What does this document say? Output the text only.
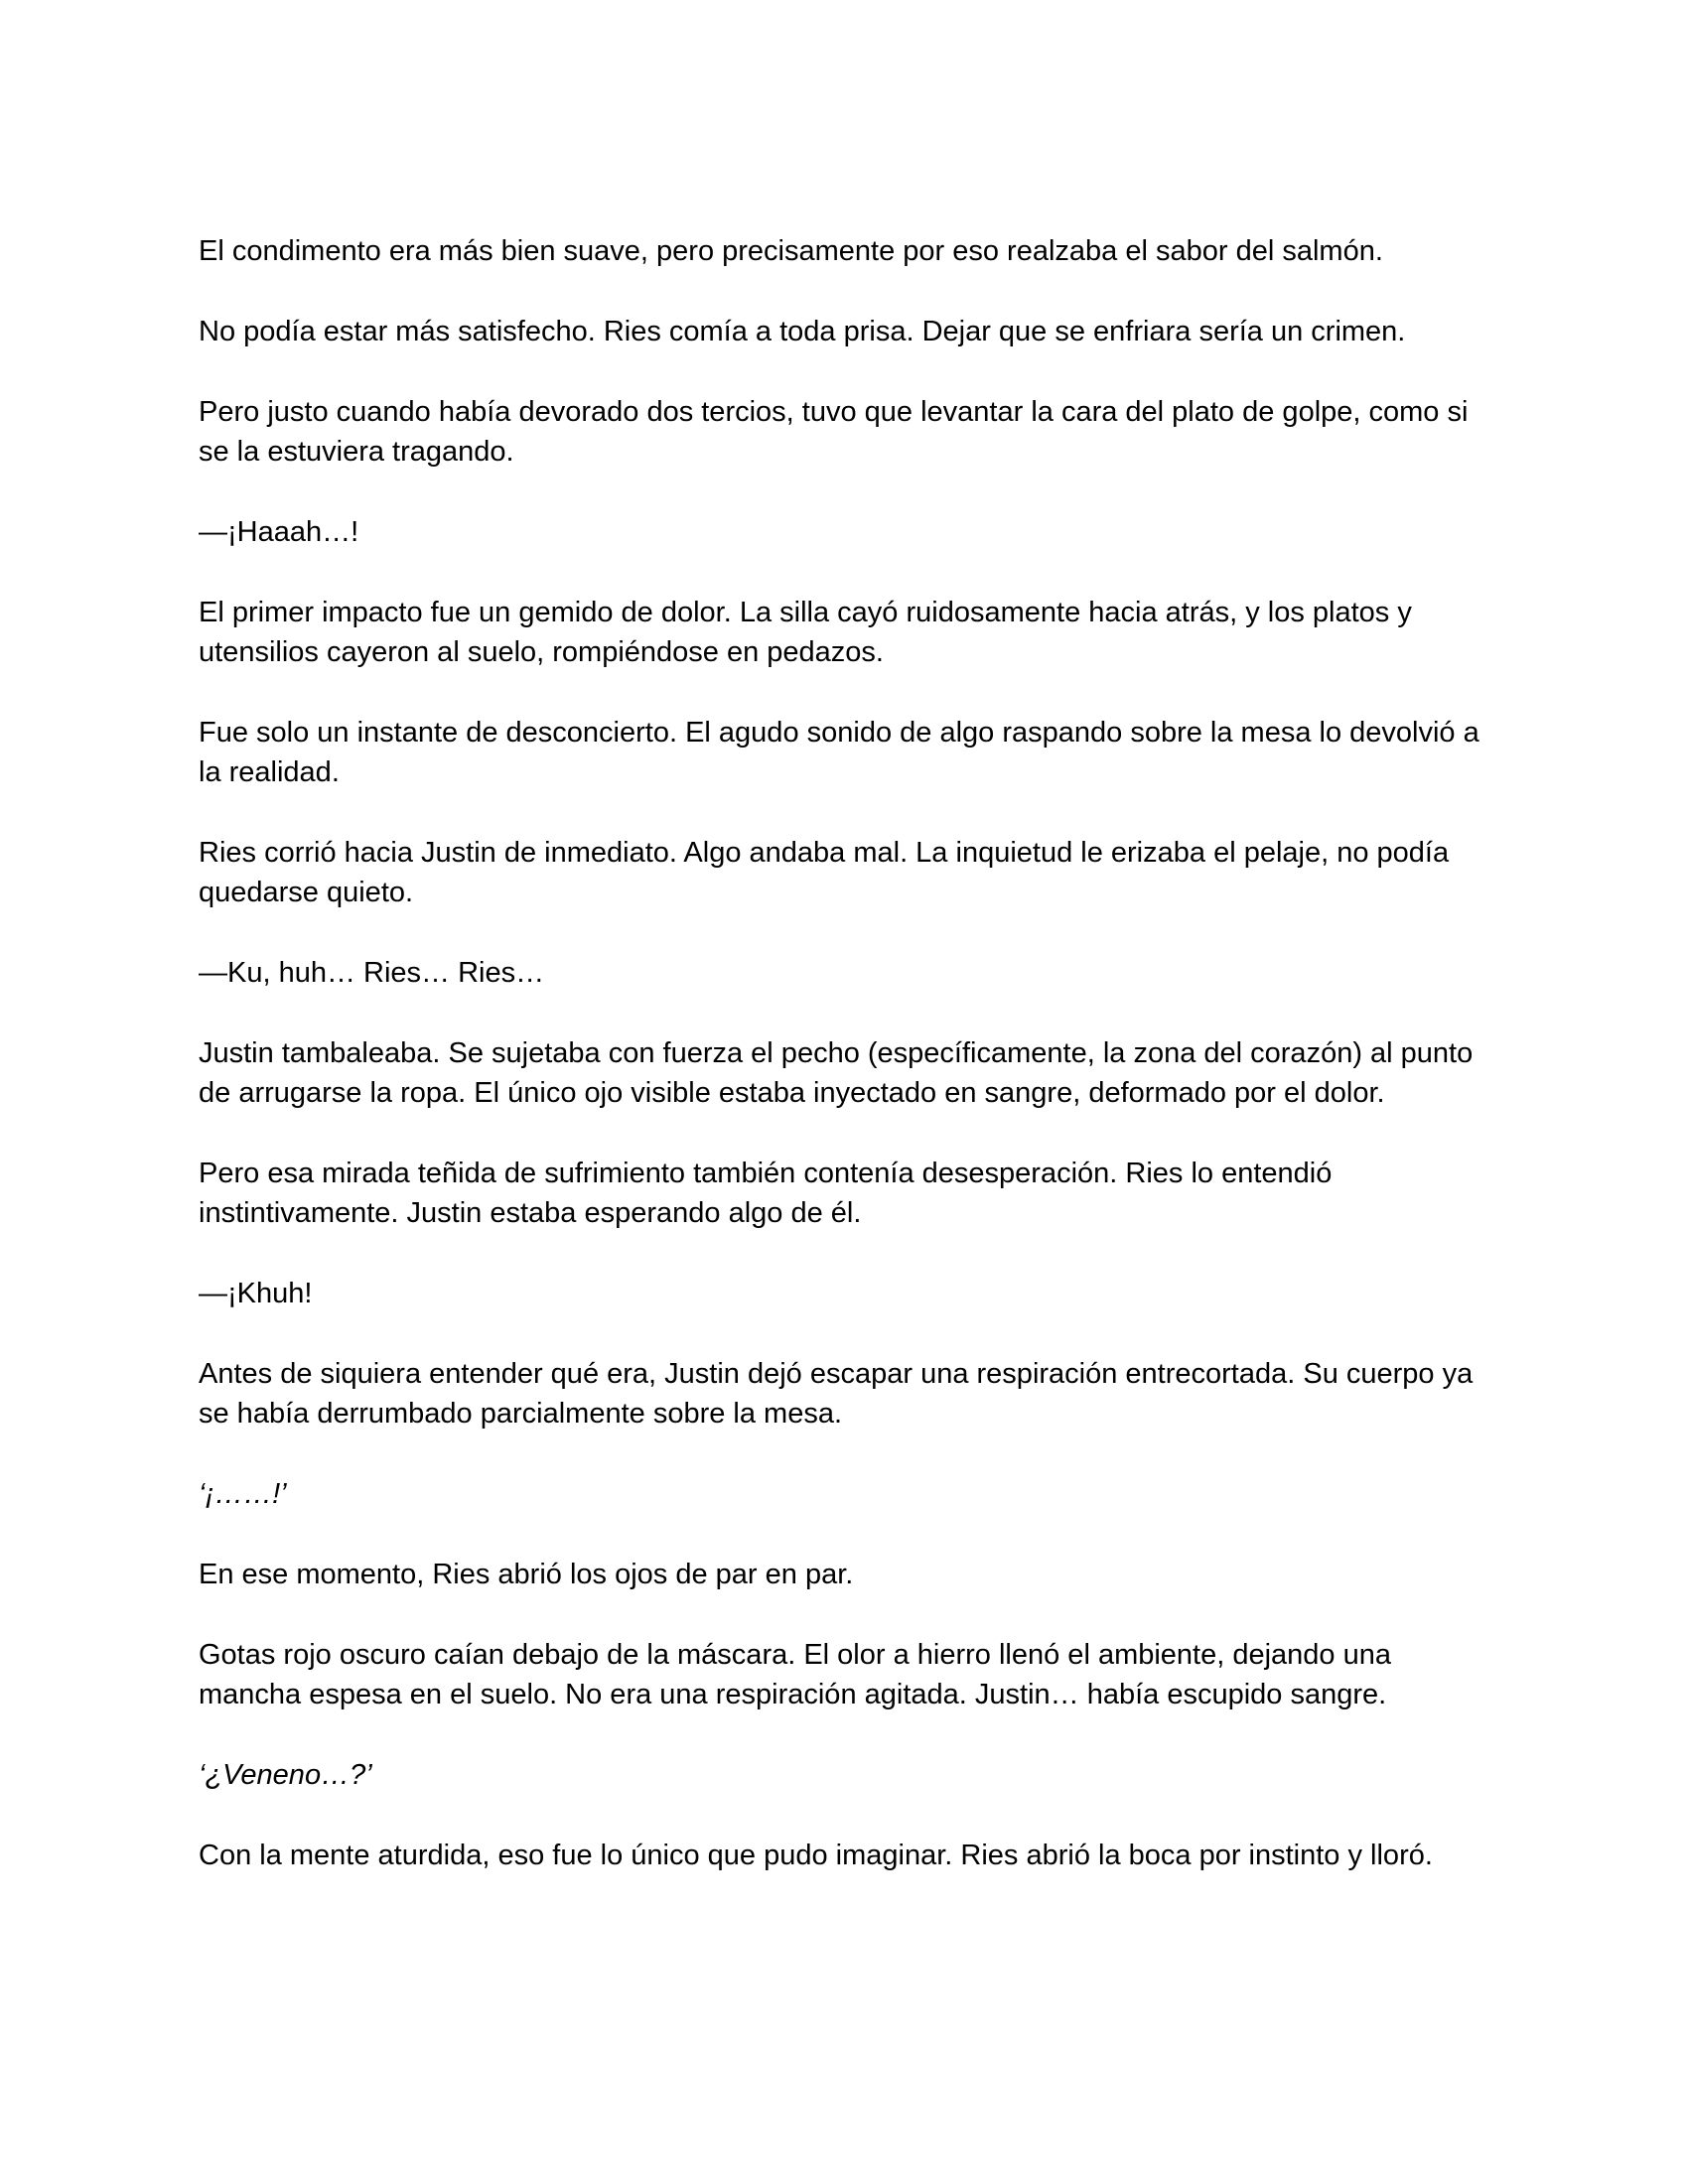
El condimento era más bien suave, pero precisamente por eso realzaba el sabor del salmón.

No podía estar más satisfecho. Ries comía a toda prisa. Dejar que se enfriara sería un crimen.

Pero justo cuando había devorado dos tercios, tuvo que levantar la cara del plato de golpe, como si se la estuviera tragando.

—¡Haaah…!

El primer impacto fue un gemido de dolor. La silla cayó ruidosamente hacia atrás, y los platos y utensilios cayeron al suelo, rompiéndose en pedazos.

Fue solo un instante de desconcierto. El agudo sonido de algo raspando sobre la mesa lo devolvió a la realidad.

Ries corrió hacia Justin de inmediato. Algo andaba mal. La inquietud le erizaba el pelaje, no podía quedarse quieto.

—Ku, huh… Ries… Ries…

Justin tambaleaba. Se sujetaba con fuerza el pecho (específicamente, la zona del corazón) al punto de arrugarse la ropa. El único ojo visible estaba inyectado en sangre, deformado por el dolor.

Pero esa mirada teñida de sufrimiento también contenía desesperación. Ries lo entendió instintivamente. Justin estaba esperando algo de él.

—¡Khuh!

Antes de siquiera entender qué era, Justin dejó escapar una respiración entrecortada. Su cuerpo ya se había derrumbado parcialmente sobre la mesa.

‘¡……!’

En ese momento, Ries abrió los ojos de par en par.

Gotas rojo oscuro caían debajo de la máscara. El olor a hierro llenó el ambiente, dejando una mancha espesa en el suelo. No era una respiración agitada. Justin… había escupido sangre.

‘¿Veneno…?’

Con la mente aturdida, eso fue lo único que pudo imaginar. Ries abrió la boca por instinto y lloró.
